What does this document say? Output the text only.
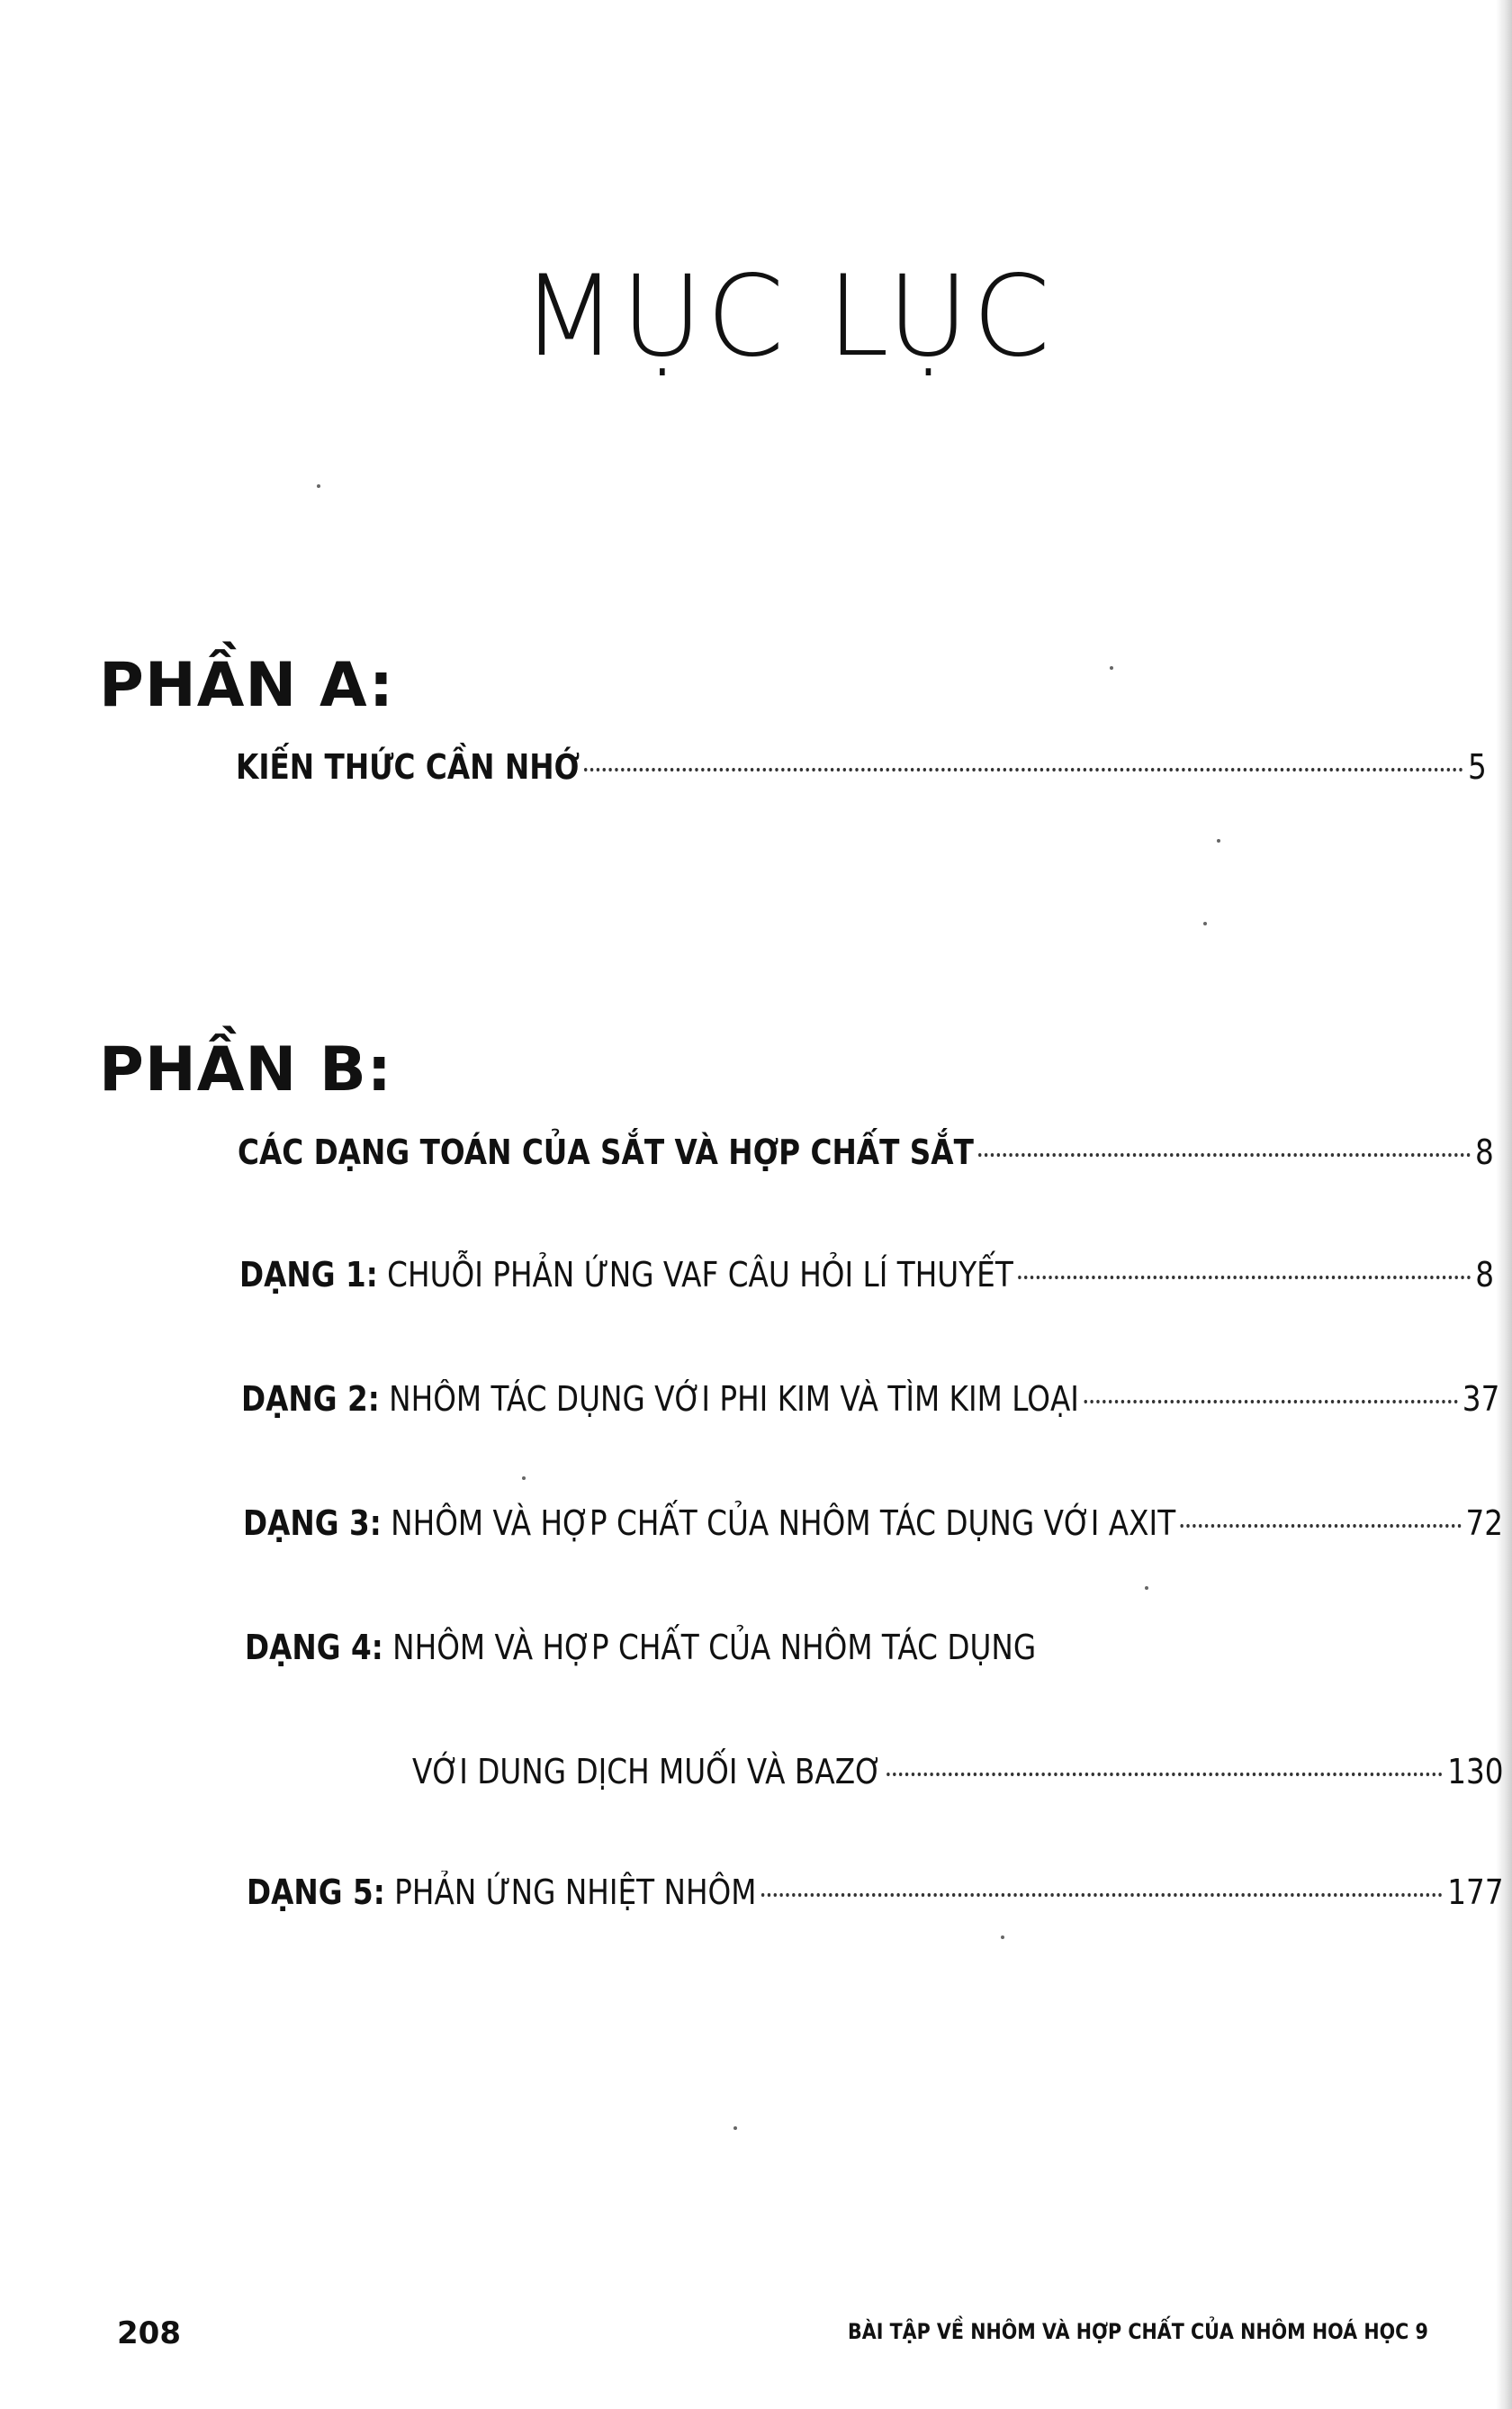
MỤC LỤC
PHẦN A:
KIẾN THỨC CẦN NHỚ	5
PHẦN B:
CÁC DẠNG TOÁN CỦA SẮT VÀ HỢP CHẤT SẮT	8
DẠNG 1: CHUỖI PHẢN ỨNG VAF CÂU HỎI LÍ THUYẾT	8
DẠNG 2: NHÔM TÁC DỤNG VỚI PHI KIM VÀ TÌM KIM LOẠI	37
DẠNG 3: NHÔM VÀ HỢP CHẤT CỦA NHÔM TÁC DỤNG VỚI AXIT	72
DẠNG 4: NHÔM VÀ HỢP CHẤT CỦA NHÔM TÁC DỤNG
VỚI DUNG DỊCH MUỐI VÀ BAZƠ	130
DẠNG 5: PHẢN ỨNG NHIỆT NHÔM	177
208	BÀI TẬP VỀ NHÔM VÀ HỢP CHẤT CỦA NHÔM HOÁ HỌC 9
